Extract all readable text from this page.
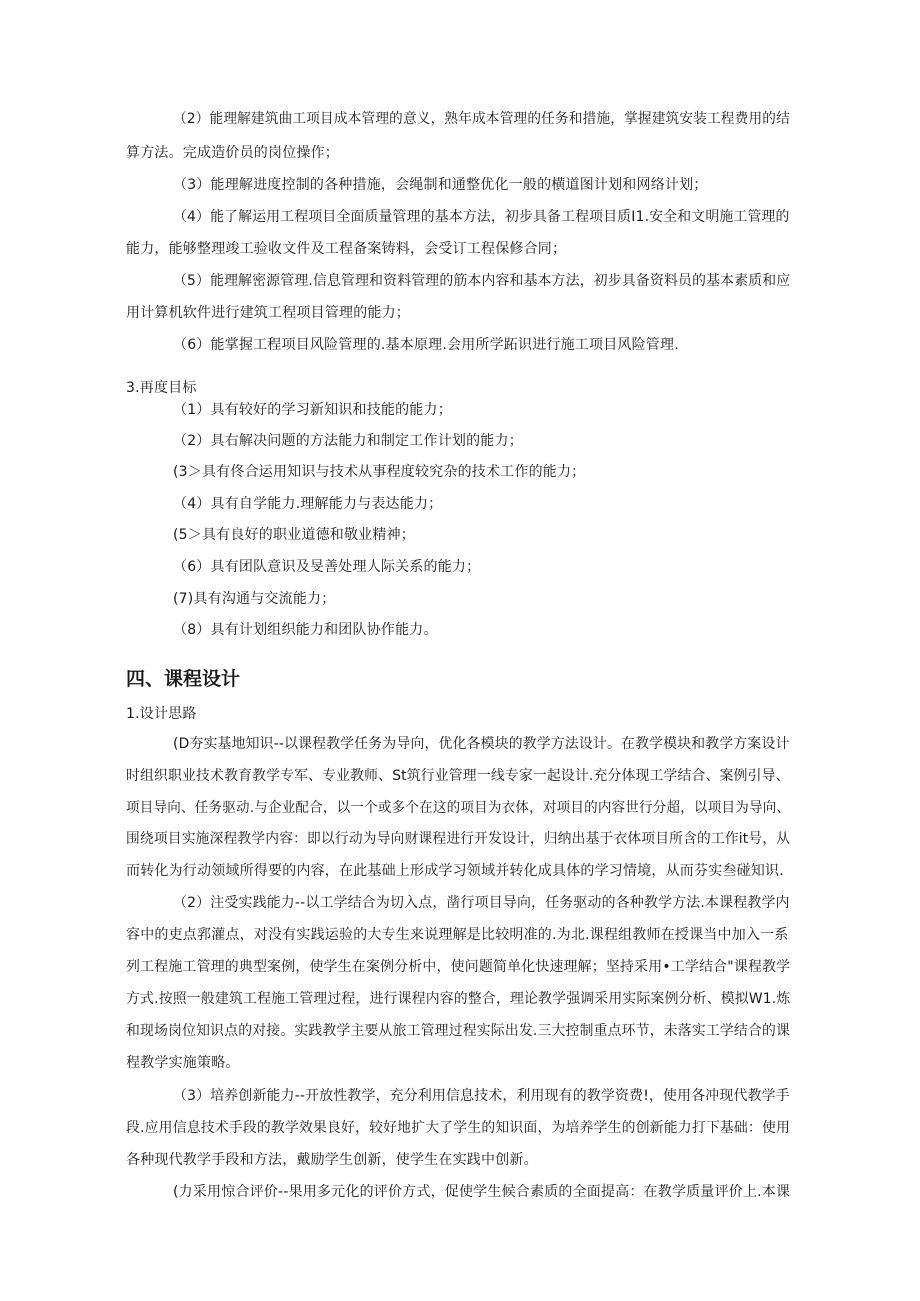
（2）能理解建筑曲工项目成本管理的意义，熟年成本管理的任务和措施，掌握建筑安装工程费用的结
算方法。完成造价员的岗位操作；
（3）能理解进度控制的各种措施，会绳制和通整优化一般的横道图计划和网络计划；
（4）能了解运用工程项目全面质量管理的基本方法，初步具备工程项目质I1.安全和文明施工管理的
能力，能够整理竣工验收文件及工程备案铸料，会受订工程保修合同；
（5）能理解密源管理.信息管理和资料管理的筋本内容和基本方法，初步具备资料员的基本素质和应
用计算机软件进行建筑工程项目管理的能力；
（6）能掌握工程项目风险管理的.基本原理.会用所学跖识进行施工项目风险管理.
3.再度目标
（1）具有较好的学习新知识和技能的能力；
（2）具右解决问题的方法能力和制定工作计划的能力；
(3＞具有佟合运用知识与技术从事程度较究杂的技术工作的能力；
（4）具有自学能力.理解能力与表达能力；
(5＞具有良好的职业道德和敬业精神；
（6）具有团队意识及旻善处理人际关系的能力；
(7)具有沟通与交流能力；
（8）具有计划组织能力和团队协作能力。
四、课程设计
1.设计思路
(D夯实基地知识--以课程教学任务为导向，优化各模块的教学方法设计。在教学模块和教学方案设计
时组织职业技术教育教学专军、专业教师、St筑行业管理一线专家一起设计.充分体现工学结合、案例引导、
项目导向、任务驱动.与企业配合，以一个或多个在这的项目为衣体，对项目的内容世行分超，以项目为导向、
围绕项目实施深程教学内容：即以行动为导向财课程进行开发设计，归纳出基于衣体项目所含的工作it号，从
而转化为行动领域所得要的内容，在此基础上形成学习领域并转化成具体的学习情境，从而芬实叁碰知识.
（2）注受实践能力--以工学结合为切入点，凿行项目导向，任务驱动的各种教学方法.本课程教学内
容中的吏点郛灌点，对没有实践运验的大专生来说理解是比较明准的.为北.课程组教师在授课当中加入一系
列工程施工管理的典型案例，使学生在案例分析中，使问题简单化快速理解；坚持采用•工学结合"课程教学
方式.按照一般建筑工程施工管理过程，进行课程内容的整合，理论教学强调采用实际案例分析、模拟W1.炼
和现场岗位知识点的对接。实践教学主要从旅工管理过程实际出发.三大控制重点环节，未落实工学结合的课
程教学实施策略。
（3）培养创新能力--开放性教学，充分利用信息技术，利用现有的教学资费!，使用各冲现代教学手
段.应用信息技术手段的教学效果良好，较好地扩大了学生的知识面，为培养学生的创新能力打下基础：使用
各种现代教学手段和方法，戴励学生创新，使学生在实践中创新。
(力采用惊合评价--果用多元化的评价方式，促使学生候合素质的全面提高：在教学质量评价上.本课
